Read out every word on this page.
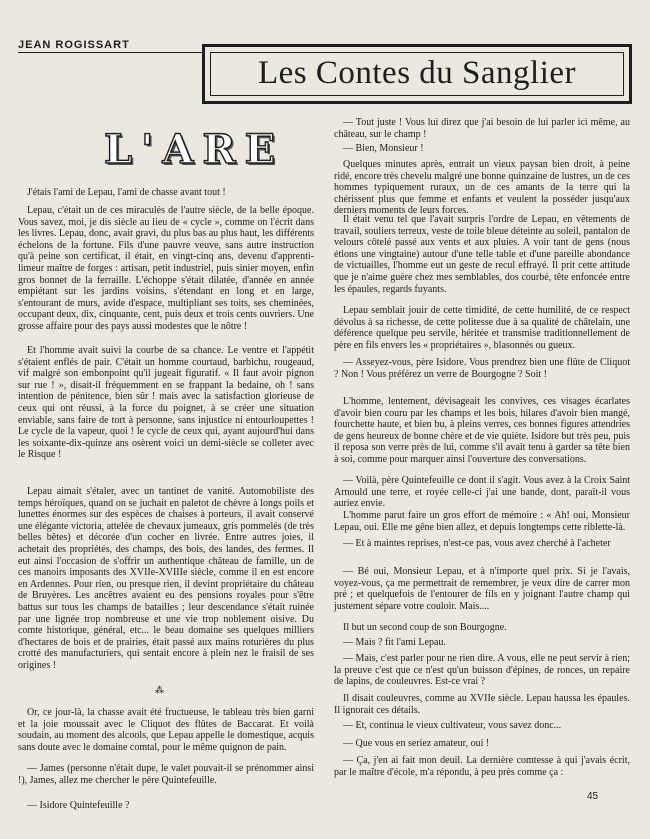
JEAN ROGISSART
Les Contes du Sanglier
L'ARE

J'étais l'ami de Lepau, l'ami de chasse avant tout !

Lepau, c'était un de ces miraculés de l'autre siècle, de la belle époque. Vous savez, moi, je dis siècle au lieu de « cycle », comme on l'écrit dans les livres. Lepau, donc, avait gravi, du plus bas au plus haut, les différents échelons de la fortune. Fils d'une pauvre veuve, sans autre instruction qu'à peine son certificat, il était, en vingt-cinq ans, devenu d'apprenti-limeur maître de forges : artisan, petit industriel, puis sinier moyen, enfin gros bonnet de la ferraille. L'échoppe s'était dilatée, d'année en année empiétant sur les jardins voisins, s'étendant en long et en large, s'entourant de murs, avide d'espace, multipliant ses toits, ses cheminées, occupant deux, dix, cinquante, cent, puis deux et trois cents ouvriers. Une grosse affaire pour des pays aussi modestes que le nôtre !

Et l'homme avait suivi la courbe de sa chance. Le ventre et l'appétit s'étaient enflés de pair. C'était un homme courtaud, barbichu, rougeaud, vif malgré son embonpoint qu'il jugeait figuratif. « Il faut avoir pignon sur rue ! », disait-il fréquemment en se frappant la bedaine, oh ! sans intention de pénitence, bien sûr ! mais avec la satisfaction glorieuse de ceux qui ont réussi, à la force du poignet, à se créer une situation enviable, sans faire de tort à personne, sans injustice ni entourloupettes ! Le cycle de la vapeur, quoi ! le cycle de ceux qui, ayant aujourd'hui dans les soixante-dix-quinze ans osèrent voici un demi-siècle se colleter avec le Risque !

Lepau aimait s'étaler, avec un tantinet de vanité. Automobiliste des temps héroïques, quand on se juchait en paletot de chèvre à longs poils et lunettes énormes sur des espèces de chaises à porteurs, il avait conservé une élégante victoria, attelée de chevaux jumeaux, gris pommelés (de très belles bêtes) et décorée d'un cocher en livrée. Entre autres joies, il achetait des propriétés, des champs, des bois, des landes, des fermes. Il eut ainsi l'occasion de s'offrir un authentique château de famille, un de ces manoirs imposants des XVIIe-XVIIIe siècle, comme il en est encore en Ardennes. Pour rien, ou presque rien, il devint propriétaire du château de Bruyères. Les ancêtres avaient eu des pensions royales pour s'être battus sur tous les champs de batailles ; leur descendance s'était ruinée par une lignée trop nombreuse et une vie trop noblement oisive. Du comte historique, général, etc... le beau domaine ses quelques milliers d'hectares de bois et de prairies, était passé aux mains roturières du plus crotté des manufacturiers, qui sentait encore à plein nez le fraisil de ses origines !

Or, ce jour-là, la chasse avait été fructueuse, le tableau très bien garni et la joie moussait avec le Cliquot des flûtes de Baccarat. Et voilà soudain, au moment des alcools, que Lepau appelle le domestique, acquis sans doute avec le domaine comtal, pour le même quignon de pain.

— James (personne n'était dupe, le valet pouvait-il se prénommer ainsi !), James, allez me chercher le père Quintefeuille.

— Isidore Quintefeuille ?

⁂

— Tout juste ! Vous lui direz que j'ai besoin de lui parler ici même, au château, sur le champ !

— Bien, Monsieur !

Quelques minutes après, entrait un vieux paysan bien droit, à peine ridé, encore très chevelu malgré une bonne quinzaine de lustres, un de ces hommes typiquement ruraux, un de ces amants de la terre qui la chérissent plus que femme et enfants et veulent la posséder jusqu'aux derniers moments de leurs forces.

Il était venu tel que l'avait surpris l'ordre de Lepau, en vêtements de travail, souliers terreux, veste de toile bleue déteinte au soleil, pantalon de velours côtelé passé aux vents et aux pluies. A voir tant de gens (nous étions une vingtaine) autour d'une telle table et d'une pareille abondance de victuailles, l'homme eut un geste de recul effrayé. Il prit cette attitude que je n'aime guère chez mes semblables, dos courbé, tête enfoncée entre les épaules, regards fuyants.

Lepau semblait jouir de cette timidité, de cette humilité, de ce respect dévolus à sa richesse, de cette politesse due à sa qualité de châtelain, une déférence quelque peu servile, héritée et transmise traditionnellement de père en fils envers les « propriétaires », blasonnés ou gueux.

— Asseyez-vous, père Isidore. Vous prendrez bien une flûte de Cliquot ? Non ! Vous préférez un verre de Bourgogne ? Soit !

L'homme, lentement, dévisageait les convives, ces visages écarlates d'avoir bien couru par les champs et les bois, hilares d'avoir bien mangé, fourchette haute, et bien bu, à pleins verres, ces bonnes figures attendries de gens heureux de bonne chère et de vie quiète. Isidore but très peu, puis il reposa son verre près de lui, comme s'il avait tenu à garder sa tête bien à soi, comme pour marquer ainsi l'ouverture des conversations.

— Voilà, père Quintefeuille ce dont il s'agit. Vous avez à la Croix Saint Arnould une terre, et royée celle-ci j'ai une bande, dont, paraît-il vous auriez envie.

L'homme parut faire un gros effort de mémoire : « Ah! oui, Monsieur Lepau, oui. Elle me gêne bien allez, et depuis longtemps cette riblette-là.

— Et à maintes reprises, n'est-ce pas, vous avez cherché à l'acheter

— Bé oui, Monsieur Lepau, et à n'importe quel prix. Si je l'avais, voyez-vous, ça me permettrait de remembrer, je veux dire de carrer mon pré ; et quelquefois de l'entourer de fils en y joignant l'autre champ qui justement sépare votre couloir. Mais....

Il but un second coup de son Bourgogne.

— Mais ? fit l'ami Lepau.

— Mais, c'est parler pour ne rien dire. A vous, elle ne peut servir à rien; la preuve c'est que ce n'est qu'un buisson d'épines, de ronces, un repaire de lapins, de couleuvres. Est-ce vrai ?

Il disait couleuvres, comme au XVIIe siècle. Lepau haussa les épaules. Il ignorait ces détails.

— Et, continua le vieux cultivateur, vous savez donc...

— Que vous en seriez amateur, oui !

— Ça, j'en ai fait mon deuil. La dernière comtesse à qui j'avais écrit, par le maître d'école, m'a répondu, à peu près comme ça :

45
